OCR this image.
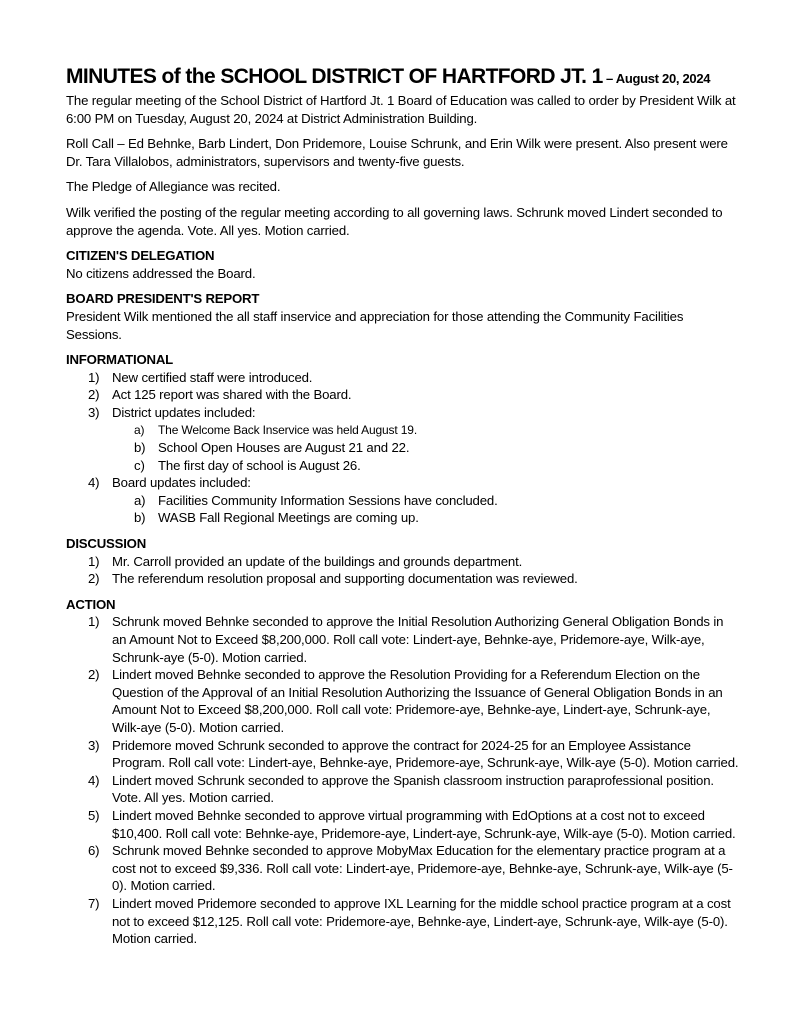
MINUTES of the SCHOOL DISTRICT OF HARTFORD JT. 1 – August 20, 2024

The regular meeting of the School District of Hartford Jt. 1 Board of Education was called to order by President Wilk at 6:00 PM on Tuesday, August 20, 2024 at District Administration Building.

Roll Call – Ed Behnke, Barb Lindert, Don Pridemore, Louise Schrunk, and Erin Wilk were present. Also present were Dr. Tara Villalobos, administrators, supervisors and twenty-five guests.

The Pledge of Allegiance was recited.

Wilk verified the posting of the regular meeting according to all governing laws. Schrunk moved Lindert seconded to approve the agenda. Vote. All yes. Motion carried.

CITIZEN'S DELEGATION
No citizens addressed the Board.
BOARD PRESIDENT'S REPORT
President Wilk mentioned the all staff inservice and appreciation for those attending the Community Facilities Sessions.
INFORMATIONAL
1) New certified staff were introduced.
2) Act 125 report was shared with the Board.
3) District updates included:
a) The Welcome Back Inservice was held August 19.
b) School Open Houses are August 21 and 22.
c) The first day of school is August 26.
4) Board updates included:
a) Facilities Community Information Sessions have concluded.
b) WASB Fall Regional Meetings are coming up.
DISCUSSION
1) Mr. Carroll provided an update of the buildings and grounds department.
2) The referendum resolution proposal and supporting documentation was reviewed.
ACTION
1) Schrunk moved Behnke seconded to approve the Initial Resolution Authorizing General Obligation Bonds in an Amount Not to Exceed $8,200,000. Roll call vote: Lindert-aye, Behnke-aye, Pridemore-aye, Wilk-aye, Schrunk-aye (5-0). Motion carried.
2) Lindert moved Behnke seconded to approve the Resolution Providing for a Referendum Election on the Question of the Approval of an Initial Resolution Authorizing the Issuance of General Obligation Bonds in an Amount Not to Exceed $8,200,000. Roll call vote: Pridemore-aye, Behnke-aye, Lindert-aye, Schrunk-aye, Wilk-aye (5-0). Motion carried.
3) Pridemore moved Schrunk seconded to approve the contract for 2024-25 for an Employee Assistance Program. Roll call vote: Lindert-aye, Behnke-aye, Pridemore-aye, Schrunk-aye, Wilk-aye (5-0). Motion carried.
4) Lindert moved Schrunk seconded to approve the Spanish classroom instruction paraprofessional position. Vote. All yes. Motion carried.
5) Lindert moved Behnke seconded to approve virtual programming with EdOptions at a cost not to exceed $10,400. Roll call vote: Behnke-aye, Pridemore-aye, Lindert-aye, Schrunk-aye, Wilk-aye (5-0). Motion carried.
6) Schrunk moved Behnke seconded to approve MobyMax Education for the elementary practice program at a cost not to exceed $9,336. Roll call vote: Lindert-aye, Pridemore-aye, Behnke-aye, Schrunk-aye, Wilk-aye (5-0). Motion carried.
7) Lindert moved Pridemore seconded to approve IXL Learning for the middle school practice program at a cost not to exceed $12,125. Roll call vote: Pridemore-aye, Behnke-aye, Lindert-aye, Schrunk-aye, Wilk-aye (5-0). Motion carried.
